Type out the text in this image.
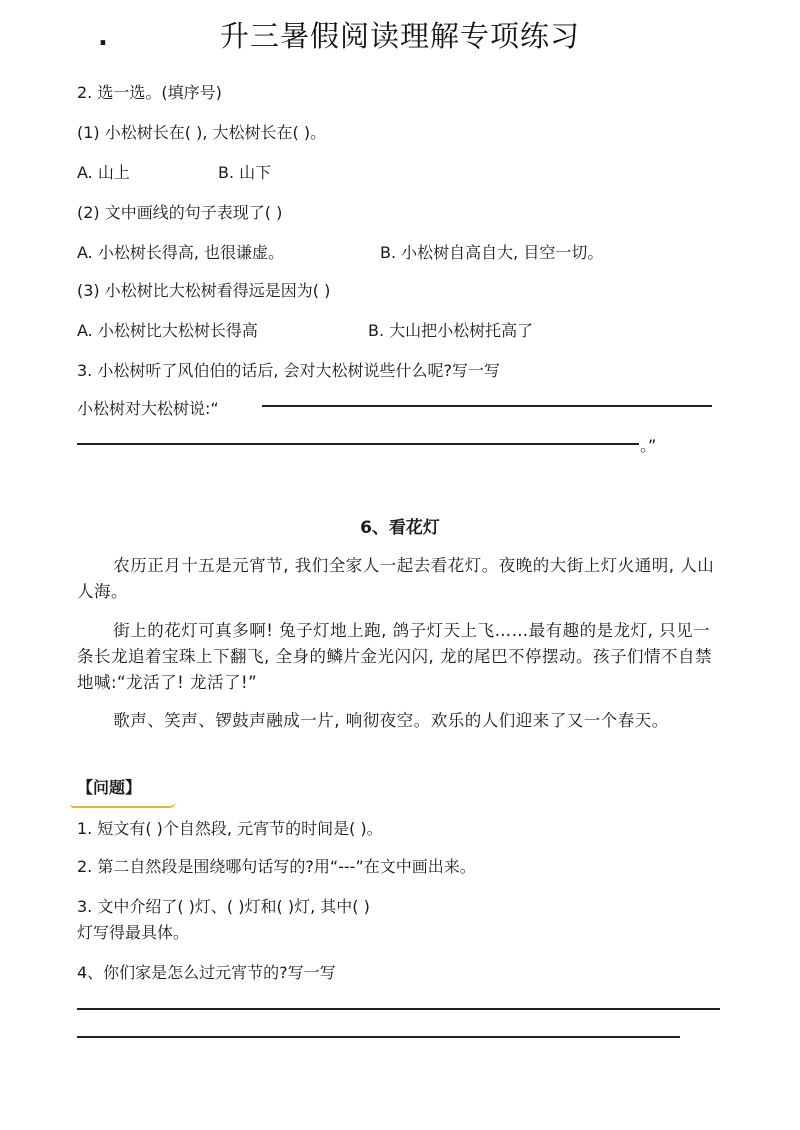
.	升三暑假阅读理解专项练习
2. 选一选。(填序号)
(1) 小松树长在( ), 大松树长在( )。
A. 山上	B. 山下
(2) 文中画线的句子表现了( )
A. 小松树长得高, 也很谦虚。	B. 小松树自高自大, 目空一切。
(3) 小松树比大松树看得远是因为( )
A. 小松树比大松树长得高	B. 大山把小松树托高了
3. 小松树听了风伯伯的话后, 会对大松树说些什么呢?写一写
小松树对大松树说:“
。”
6、看花灯
农历正月十五是元宵节, 我们全家人一起去看花灯。夜晚的大街上灯火通明, 人山人海。
街上的花灯可真多啊! 兔子灯地上跑, 鸽子灯天上飞……最有趣的是龙灯, 只见一条长龙追着宝珠上下翻飞, 全身的鳞片金光闪闪, 龙的尾巴不停摆动。孩子们情不自禁地喊:“龙活了! 龙活了!”
歌声、笑声、锣鼓声融成一片, 响彻夜空。欢乐的人们迎来了又一个春天。
【问题】
1. 短文有( )个自然段, 元宵节的时间是( )。
2. 第二自然段是围绕哪句话写的?用“---”在文中画出来。
3. 文中介绍了( )灯、( )灯和( )灯, 其中( )
灯写得最具体。
4、你们家是怎么过元宵节的?写一写
